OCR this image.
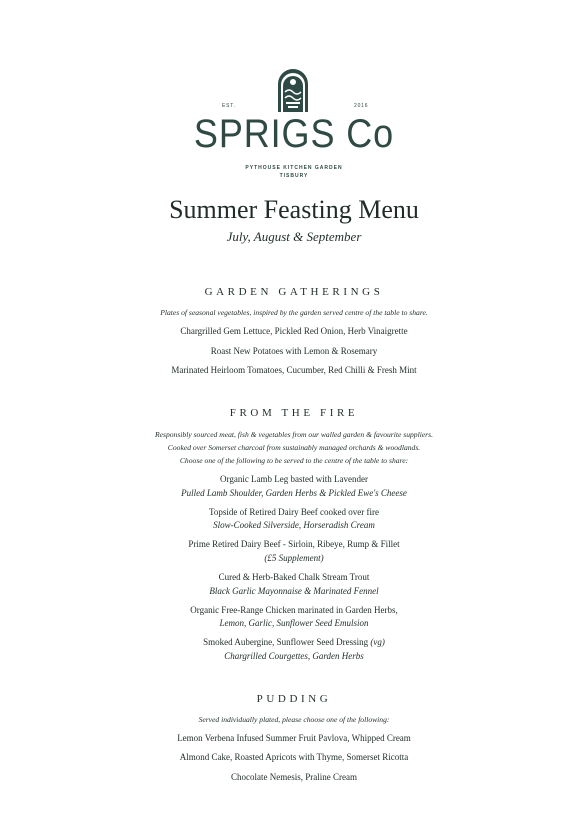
EST.	2016
SPRIGS Co
PYTHOUSE KITCHEN GARDEN
TISBURY
Summer Feasting Menu
July, August & September
GARDEN GATHERINGS
Plates of seasonal vegetables, inspired by the garden served centre of the table to share.
Chargrilled Gem Lettuce, Pickled Red Onion, Herb Vinaigrette
Roast New Potatoes with Lemon & Rosemary
Marinated Heirloom Tomatoes, Cucumber, Red Chilli & Fresh Mint
FROM THE FIRE
Responsibly sourced meat, fish & vegetables from our walled garden & favourite suppliers.
Cooked over Somerset charcoal from sustainably managed orchards & woodlands.
Choose one of the following to be served to the centre of the table to share:
Organic Lamb Leg basted with Lavender
Pulled Lamb Shoulder, Garden Herbs & Pickled Ewe's Cheese
Topside of Retired Dairy Beef cooked over fire
Slow-Cooked Silverside, Horseradish Cream
Prime Retired Dairy Beef - Sirloin, Ribeye, Rump & Fillet
(£5 Supplement)
Cured & Herb-Baked Chalk Stream Trout
Black Garlic Mayonnaise & Marinated Fennel
Organic Free-Range Chicken marinated in Garden Herbs,
Lemon, Garlic, Sunflower Seed Emulsion
Smoked Aubergine, Sunflower Seed Dressing (vg)
Chargrilled Courgettes, Garden Herbs
PUDDING
Served individually plated, please choose one of the following:
Lemon Verbena Infused Summer Fruit Pavlova, Whipped Cream
Almond Cake, Roasted Apricots with Thyme, Somerset Ricotta
Chocolate Nemesis, Praline Cream
